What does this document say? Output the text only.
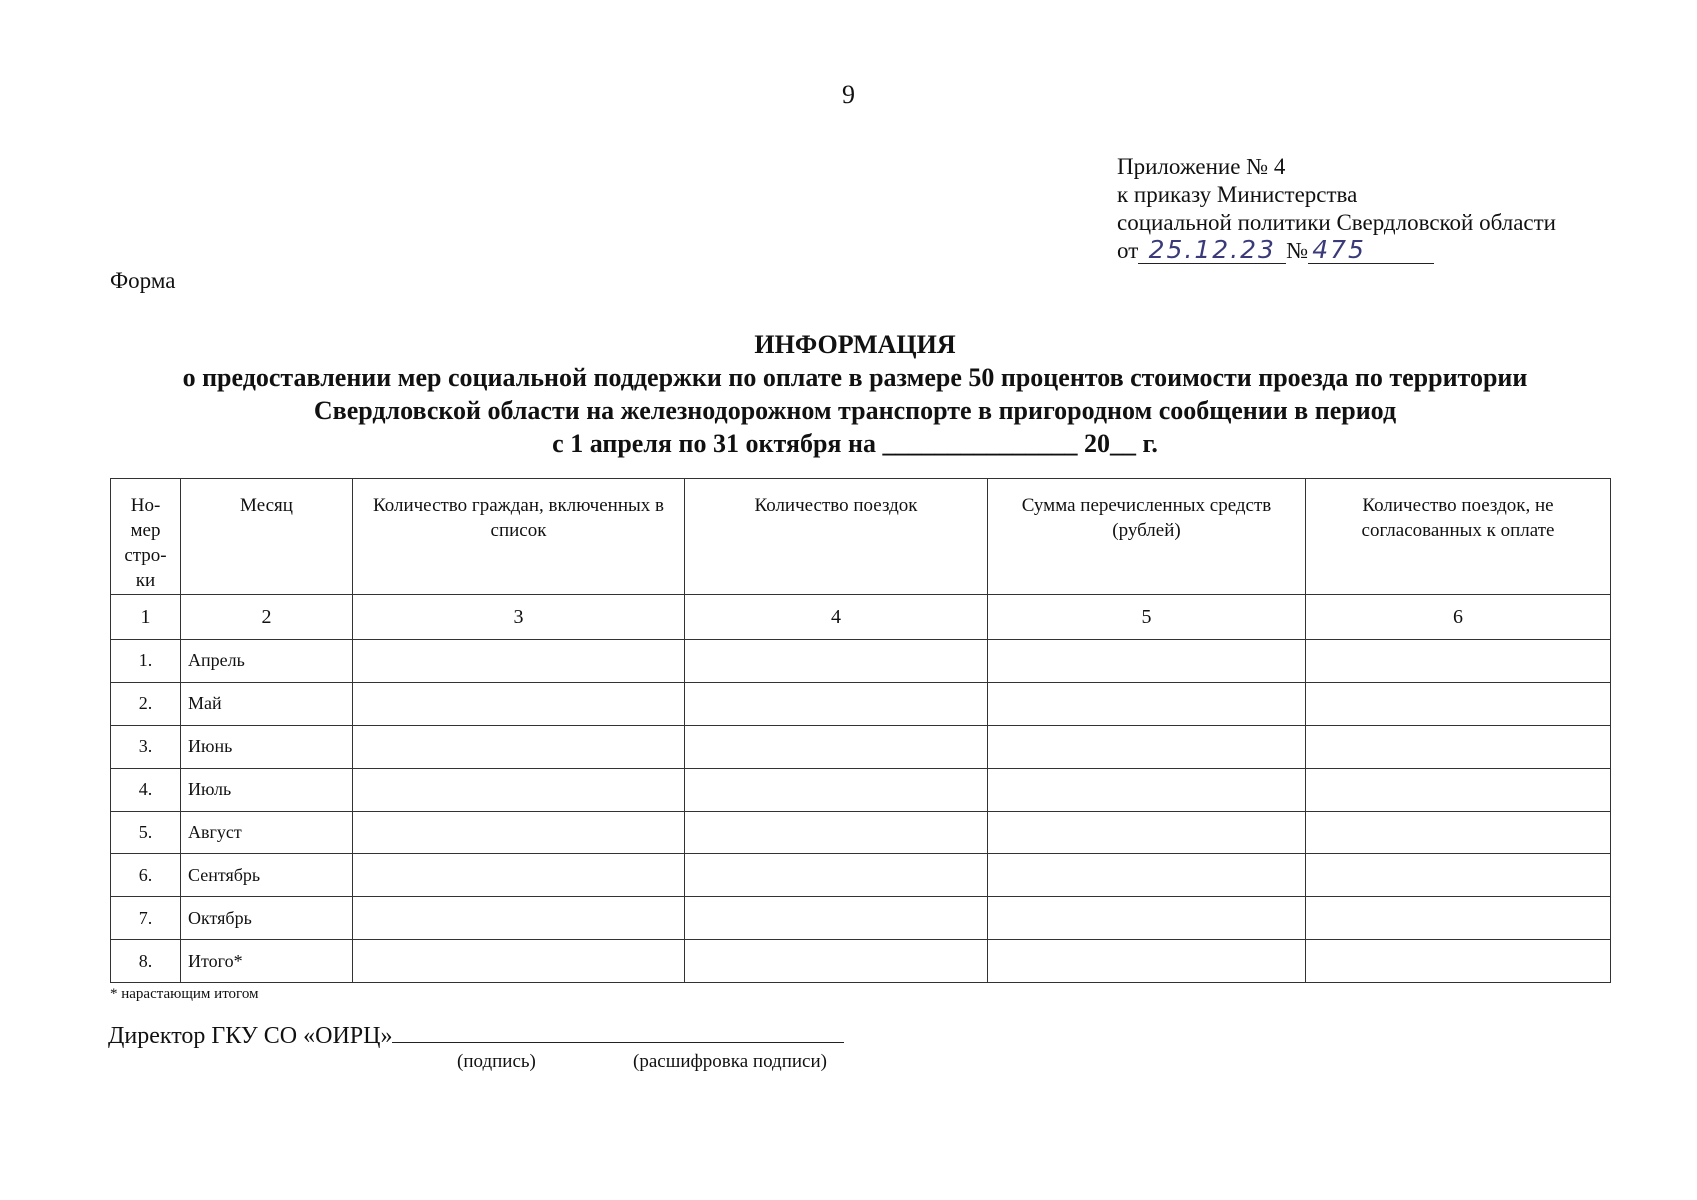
9
Приложение № 4
к приказу Министерства
социальной политики Свердловской области
от 25.12.23 № 475
Форма
ИНФОРМАЦИЯ
о предоставлении мер социальной поддержки по оплате в размере 50 процентов стоимости проезда по территории
Свердловской области на железнодорожном транспорте в пригородном сообщении в период
с 1 апреля по 31 октября на _______________ 20__ г.
Но-
мер
стро-
ки	Месяц	Количество граждан, включенных в список	Количество поездок	Сумма перечисленных средств (рублей)	Количество поездок, не согласованных к оплате
1	2	3	4	5	6
1.	Апрель				
2.	Май				
3.	Июнь				
4.	Июль				
5.	Август				
6.	Сентябрь				
7.	Октябрь				
8.	Итого*				
* нарастающим итогом
Директор ГКУ СО «ОИРЦ»
(подпись)	(расшифровка подписи)
